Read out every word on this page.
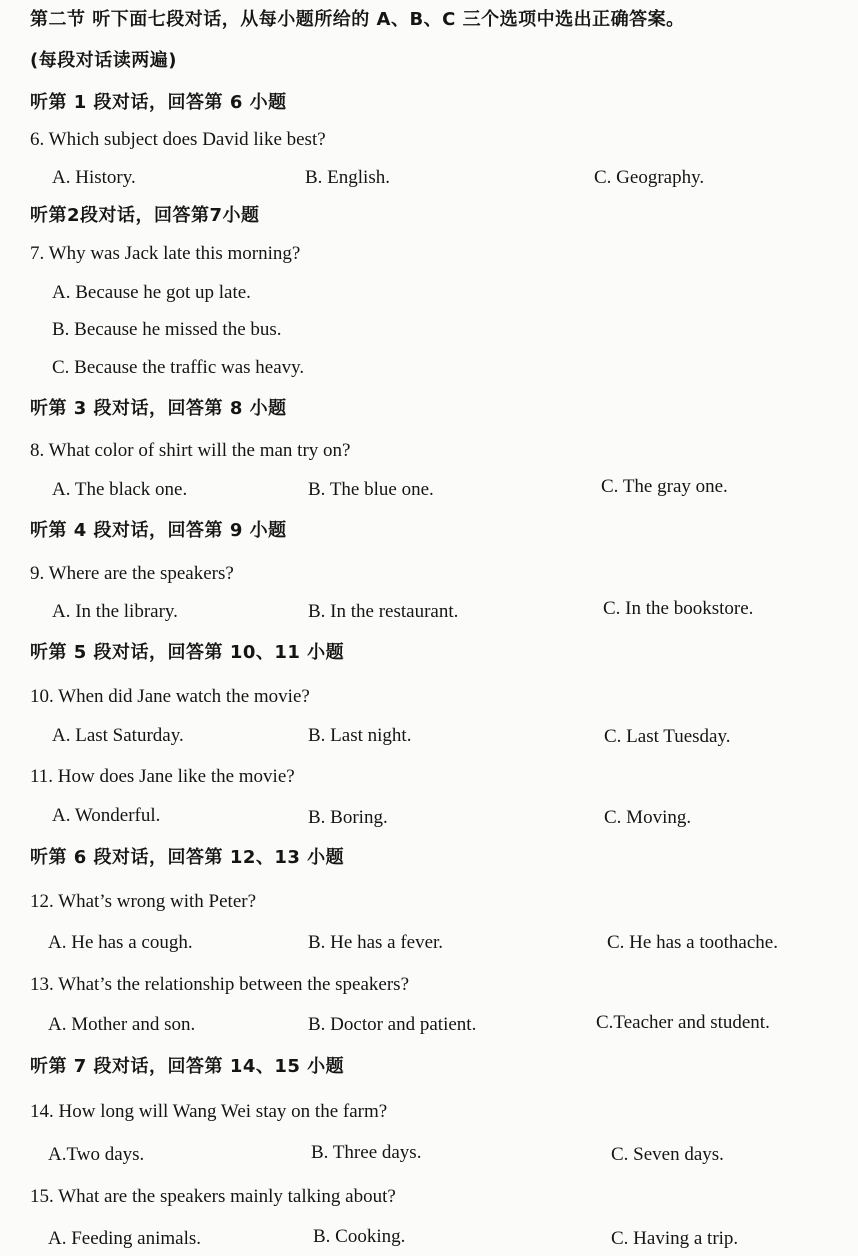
第二节 听下面七段对话，从每小题所给的 A、B、C 三个选项中选出正确答案。
(每段对话读两遍)
听第 1 段对话，回答第 6 小题
6. Which subject does David like best?
A. History.	B. English.	C. Geography.
听第2段对话，回答第7小题
7. Why was Jack late this morning?
A. Because he got up late.
B. Because he missed the bus.
C. Because the traffic was heavy.
听第 3 段对话，回答第 8 小题
8. What color of shirt will the man try on?
A. The black one.	B. The blue one.	C. The gray one.
听第 4 段对话，回答第 9 小题
9. Where are the speakers?
A. In the library.	B. In the restaurant.	C. In the bookstore.
听第 5 段对话，回答第 10、11 小题
10. When did Jane watch the movie?
A. Last Saturday.	B. Last night.	C. Last Tuesday.
11. How does Jane like the movie?
A. Wonderful.	B. Boring.	C. Moving.
听第 6 段对话，回答第 12、13 小题
12. What’s wrong with Peter?
A. He has a cough.	B. He has a fever.	C. He has a toothache.
13. What’s the relationship between the speakers?
A. Mother and son.	B. Doctor and patient.	C.Teacher and student.
听第 7 段对话，回答第 14、15 小题
14. How long will Wang Wei stay on the farm?
A.Two days.	B. Three days.	C. Seven days.
15. What are the speakers mainly talking about?
A. Feeding animals.	B. Cooking.	C. Having a trip.
